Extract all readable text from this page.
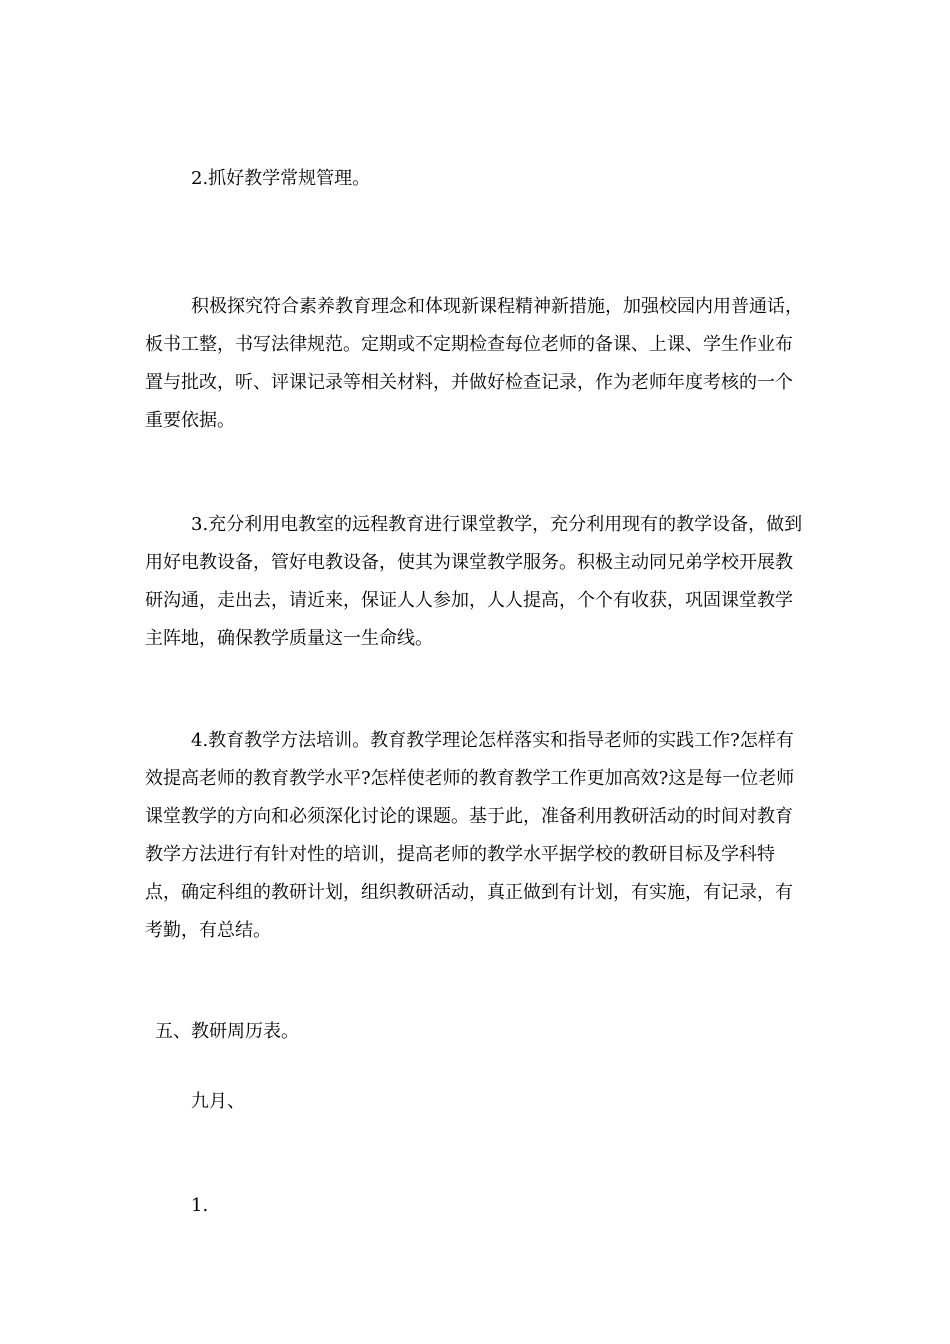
2.抓好教学常规管理。

积极探究符合素养教育理念和体现新课程精神新措施，加强校园内用普通话，板书工整，书写法律规范。定期或不定期检查每位老师的备课、上课、学生作业布置与批改，听、评课记录等相关材料，并做好检查记录，作为老师年度考核的一个重要依据。

3.充分利用电教室的远程教育进行课堂教学，充分利用现有的教学设备，做到用好电教设备，管好电教设备，使其为课堂教学服务。积极主动同兄弟学校开展教研沟通，走出去，请近来，保证人人参加，人人提高，个个有收获，巩固课堂教学主阵地，确保教学质量这一生命线。

4.教育教学方法培训。教育教学理论怎样落实和指导老师的实践工作?怎样有效提高老师的教育教学水平?怎样使老师的教育教学工作更加高效?这是每一位老师课堂教学的方向和必须深化讨论的课题。基于此，准备利用教研活动的时间对教育教学方法进行有针对性的培训，提高老师的教学水平据学校的教研目标及学科特点，确定科组的教研计划，组织教研活动，真正做到有计划，有实施，有记录，有考勤，有总结。

五、教研周历表。

九月、

1.
